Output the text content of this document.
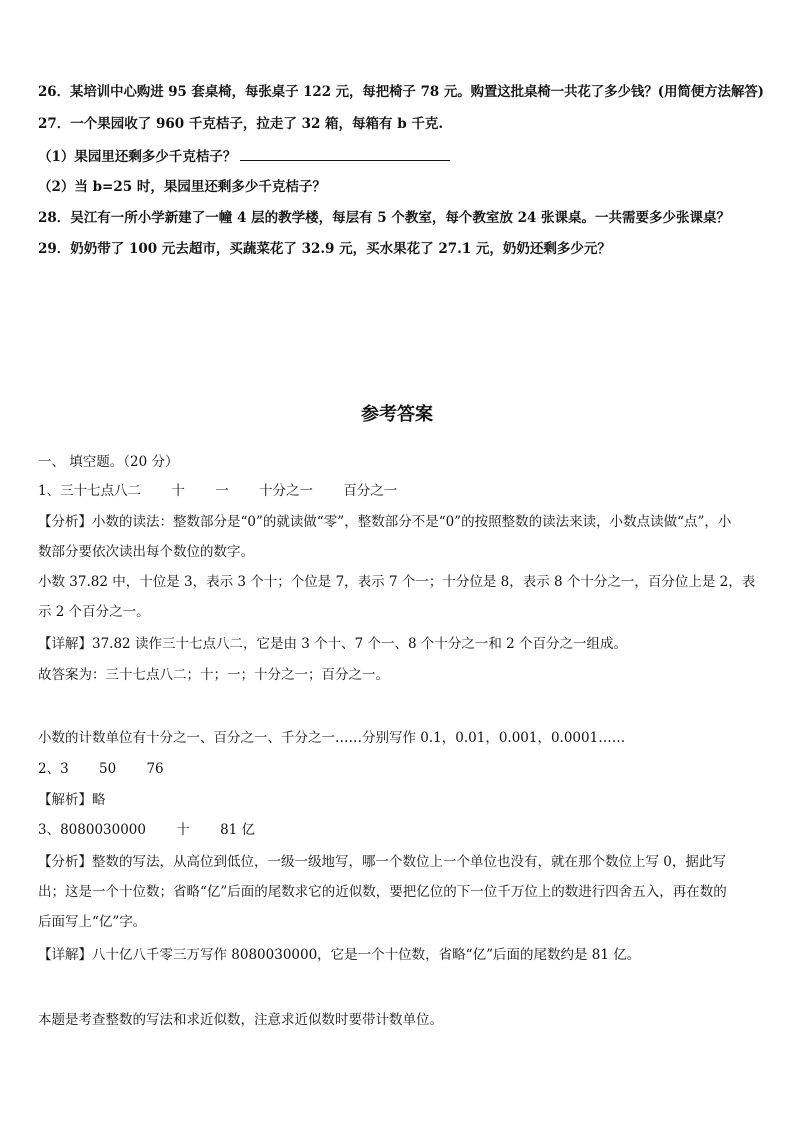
26．某培训中心购进 95 套桌椅，每张桌子 122 元，每把椅子 78 元。购置这批桌椅一共花了多少钱？(用简便方法解答)
27．一个果园收了 960 千克桔子，拉走了 32 箱，每箱有 b 千克.
（1）果园里还剩多少千克桔子？
（2）当 b=25 时，果园里还剩多少千克桔子？
28．吴江有一所小学新建了一幢 4 层的教学楼，每层有 5 个教室，每个教室放 24 张课桌。一共需要多少张课桌？
29．奶奶带了 100 元去超市，买蔬菜花了 32.9 元，买水果花了 27.1 元，奶奶还剩多少元？
参考答案
一、 填空题。（20 分）
1、三十七点八二 十 一 十分之一 百分之一
【分析】小数的读法：整数部分是“0”的就读做“零”，整数部分不是“0”的按照整数的读法来读，小数点读做“点”，小
数部分要依次读出每个数位的数字。
小数 37.82 中，十位是 3，表示 3 个十；个位是 7，表示 7 个一；十分位是 8，表示 8 个十分之一，百分位上是 2，表
示 2 个百分之一。
【详解】37.82 读作三十七点八二，它是由 3 个十、7 个一、8 个十分之一和 2 个百分之一组成。
故答案为：三十七点八二；十；一；十分之一；百分之一。
小数的计数单位有十分之一、百分之一、千分之一……分别写作 0.1，0.01，0.001，0.0001……
2、3 50 76
【解析】略
3、8080030000 十 81 亿
【分析】整数的写法，从高位到低位，一级一级地写，哪一个数位上一个单位也没有，就在那个数位上写 0，据此写
出；这是一个十位数；省略“亿”后面的尾数求它的近似数，要把亿位的下一位千万位上的数进行四舍五入，再在数的
后面写上“亿”字。
【详解】八十亿八千零三万写作 8080030000，它是一个十位数，省略“亿”后面的尾数约是 81 亿。
本题是考查整数的写法和求近似数，注意求近似数时要带计数单位。
